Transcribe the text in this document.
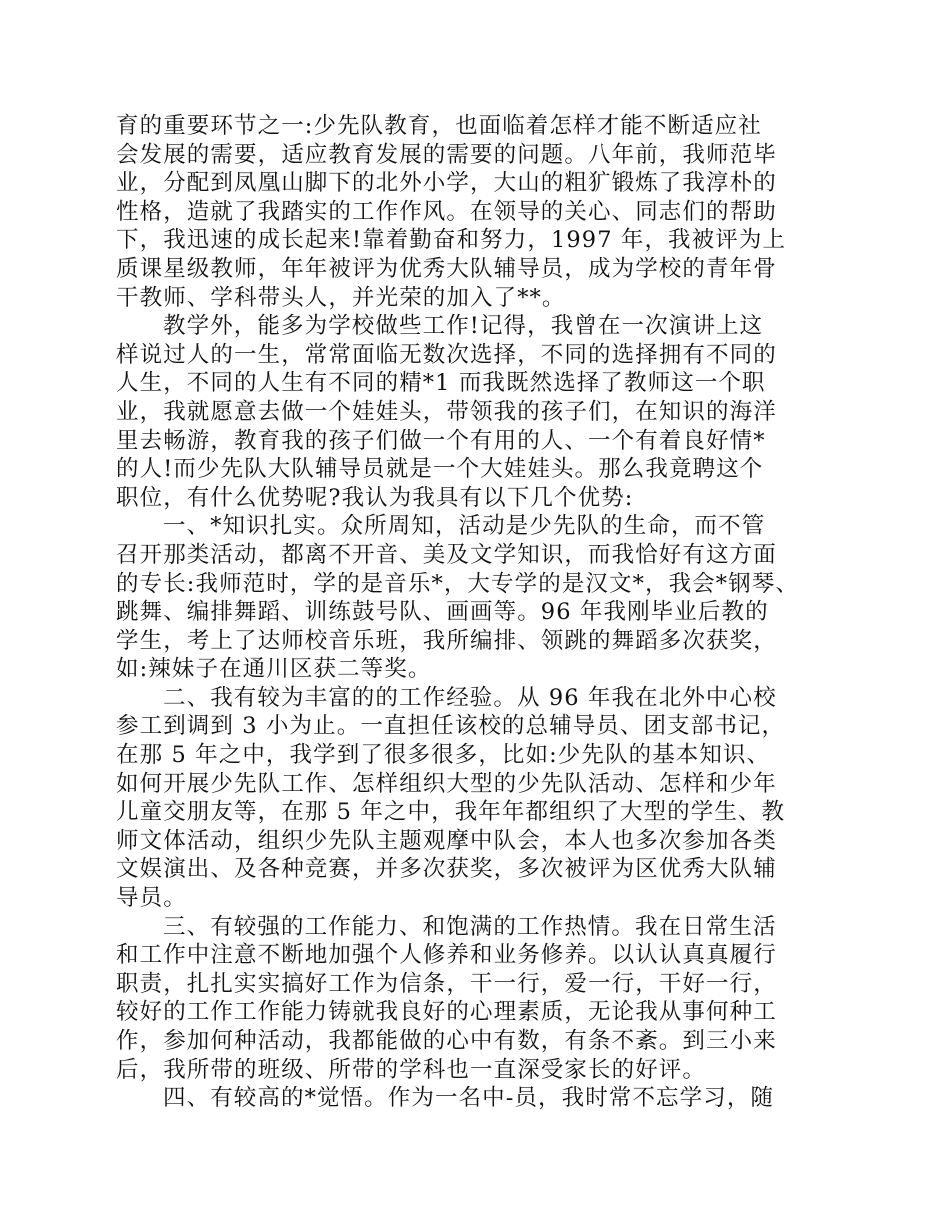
育的重要环节之一:少先队教育，也面临着怎样才能不断适应社
会发展的需要，适应教育发展的需要的问题。八年前，我师范毕
业，分配到凤凰山脚下的北外小学，大山的粗犷锻炼了我淳朴的
性格，造就了我踏实的工作作风。在领导的关心、同志们的帮助
下，我迅速的成长起来!靠着勤奋和努力，1997 年，我被评为上
质课星级教师，年年被评为优秀大队辅导员，成为学校的青年骨
干教师、学科带头人，并光荣的加入了**。
教学外，能多为学校做些工作!记得，我曾在一次演讲上这
样说过人的一生，常常面临无数次选择，不同的选择拥有不同的
人生，不同的人生有不同的精*1 而我既然选择了教师这一个职
业，我就愿意去做一个娃娃头，带领我的孩子们，在知识的海洋
里去畅游，教育我的孩子们做一个有用的人、一个有着良好情*
的人!而少先队大队辅导员就是一个大娃娃头。那么我竟聘这个
职位，有什么优势呢?我认为我具有以下几个优势:
一、*知识扎实。众所周知，活动是少先队的生命，而不管
召开那类活动，都离不开音、美及文学知识，而我恰好有这方面
的专长:我师范时，学的是音乐*，大专学的是汉文*，我会*钢琴、
跳舞、编排舞蹈、训练鼓号队、画画等。96 年我刚毕业后教的
学生，考上了达师校音乐班，我所编排、领跳的舞蹈多次获奖，
如:辣妹子在通川区获二等奖。
二、我有较为丰富的的工作经验。从 96 年我在北外中心校
参工到调到 3 小为止。一直担任该校的总辅导员、团支部书记，
在那 5 年之中，我学到了很多很多，比如:少先队的基本知识、
如何开展少先队工作、怎样组织大型的少先队活动、怎样和少年
儿童交朋友等，在那 5 年之中，我年年都组织了大型的学生、教
师文体活动，组织少先队主题观摩中队会，本人也多次参加各类
文娱演出、及各种竞赛，并多次获奖，多次被评为区优秀大队辅
导员。
三、有较强的工作能力、和饱满的工作热情。我在日常生活
和工作中注意不断地加强个人修养和业务修养。以认认真真履行
职责，扎扎实实搞好工作为信条，干一行，爱一行，干好一行，
较好的工作工作能力铸就我良好的心理素质，无论我从事何种工
作，参加何种活动，我都能做的心中有数，有条不紊。到三小来
后，我所带的班级、所带的学科也一直深受家长的好评。
四、有较高的*觉悟。作为一名中-员，我时常不忘学习，随
